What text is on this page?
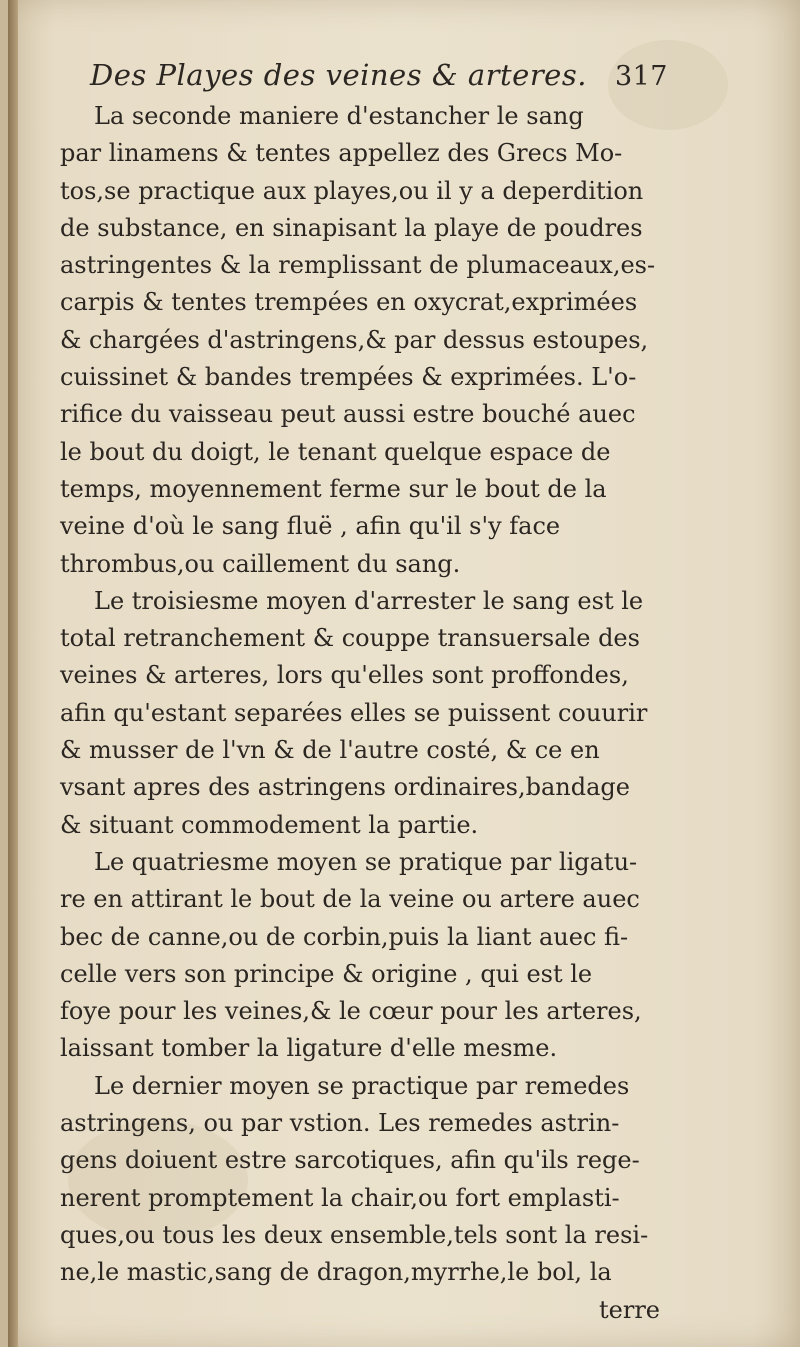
Des Playes des veines & arteres. 317
La seconde maniere d'estancher le sang
par linamens & tentes appellez des Grecs Mo-
tos,se practique aux playes,ou il y a deperdition
de substance, en sinapisant la playe de poudres
astringentes & la remplissant de plumaceaux,es-
carpis & tentes trempées en oxycrat,exprimées
& chargées d'astringens,& par dessus estoupes,
cuissinet & bandes trempées & exprimées. L'o-
rifice du vaisseau peut aussi estre bouché auec
le bout du doigt, le tenant quelque espace de
temps, moyennement ferme sur le bout de la
veine d'où le sang fluë , afin qu'il s'y face
thrombus,ou caillement du sang.
Le troisiesme moyen d'arrester le sang est le
total retranchement & couppe transuersale des
veines & arteres, lors qu'elles sont proffondes,
afin qu'estant separées elles se puissent couurir
& musser de l'vn & de l'autre costé, & ce en
vsant apres des astringens ordinaires,bandage
& situant commodement la partie.
Le quatriesme moyen se pratique par ligatu-
re en attirant le bout de la veine ou artere auec
bec de canne,ou de corbin,puis la liant auec fi-
celle vers son principe & origine , qui est le
foye pour les veines,& le cœur pour les arteres,
laissant tomber la ligature d'elle mesme.
Le dernier moyen se practique par remedes
astringens, ou par vstion. Les remedes astrin-
gens doiuent estre sarcotiques, afin qu'ils rege-
nerent promptement la chair,ou fort emplasti-
ques,ou tous les deux ensemble,tels sont la resi-
ne,le mastic,sang de dragon,myrrhe,le bol, la
terre
